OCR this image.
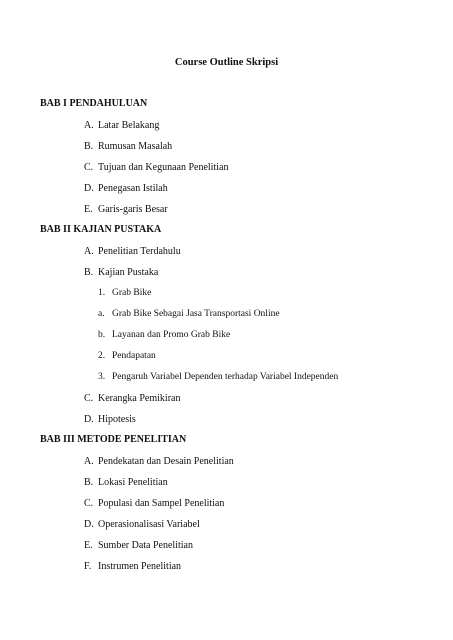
Course Outline Skripsi
BAB I PENDAHULUAN
A. Latar Belakang
B. Rumusan Masalah
C. Tujuan dan Kegunaan Penelitian
D. Penegasan Istilah
E. Garis-garis Besar
BAB II KAJIAN PUSTAKA
A. Penelitian Terdahulu
B. Kajian Pustaka
1. Grab Bike
a. Grab Bike Sebagai Jasa Transportasi Online
b. Layanan dan Promo Grab Bike
2. Pendapatan
3. Pengaruh Variabel Dependen terhadap Variabel Independen
C. Kerangka Pemikiran
D. Hipotesis
BAB III METODE PENELITIAN
A. Pendekatan dan Desain Penelitian
B. Lokasi Penelitian
C. Populasi dan Sampel Penelitian
D. Operasionalisasi Variabel
E. Sumber Data Penelitian
F. Instrumen Penelitian
